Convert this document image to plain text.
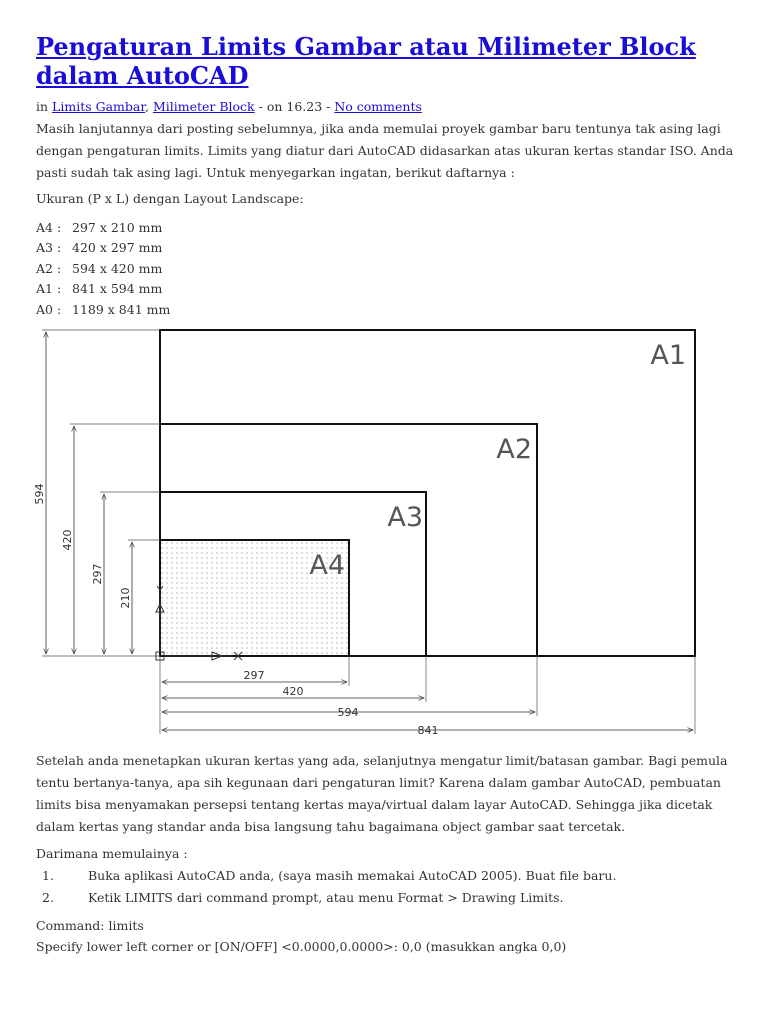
Pengaturan Limits Gambar atau Milimeter Block dalam AutoCAD
in Limits Gambar, Milimeter Block - on 16.23 - No comments

Masih lanjutannya dari posting sebelumnya, jika anda memulai proyek gambar baru tentunya tak asing lagi dengan pengaturan limits. Limits yang diatur dari AutoCAD didasarkan atas ukuran kertas standar ISO. Anda pasti sudah tak asing lagi. Untuk menyegarkan ingatan, berikut daftarnya :

Ukuran (P x L) dengan Layout Landscape:

A4 : 297 x 210 mm
A3 : 420 x 297 mm
A2 : 594 x 420 mm
A1 : 841 x 594 mm
A0 : 1189 x 841 mm
A1
A2
A3
A4
594
420
297
210
297
420
594
841

Setelah anda menetapkan ukuran kertas yang ada, selanjutnya mengatur limit/batasan gambar. Bagi pemula tentu bertanya-tanya, apa sih kegunaan dari pengaturan limit? Karena dalam gambar AutoCAD, pembuatan limits bisa menyamakan persepsi tentang kertas maya/virtual dalam layar AutoCAD. Sehingga jika dicetak dalam kertas yang standar anda bisa langsung tahu bagaimana object gambar saat tercetak.

Darimana memulainya :

1.	Buka aplikasi AutoCAD anda, (saya masih memakai AutoCAD 2005). Buat file baru.
2.	Ketik LIMITS dari command prompt, atau menu Format > Drawing Limits.
Command: limits
Specify lower left corner or [ON/OFF] <0.0000,0.0000>: 0,0 (masukkan angka 0,0)
